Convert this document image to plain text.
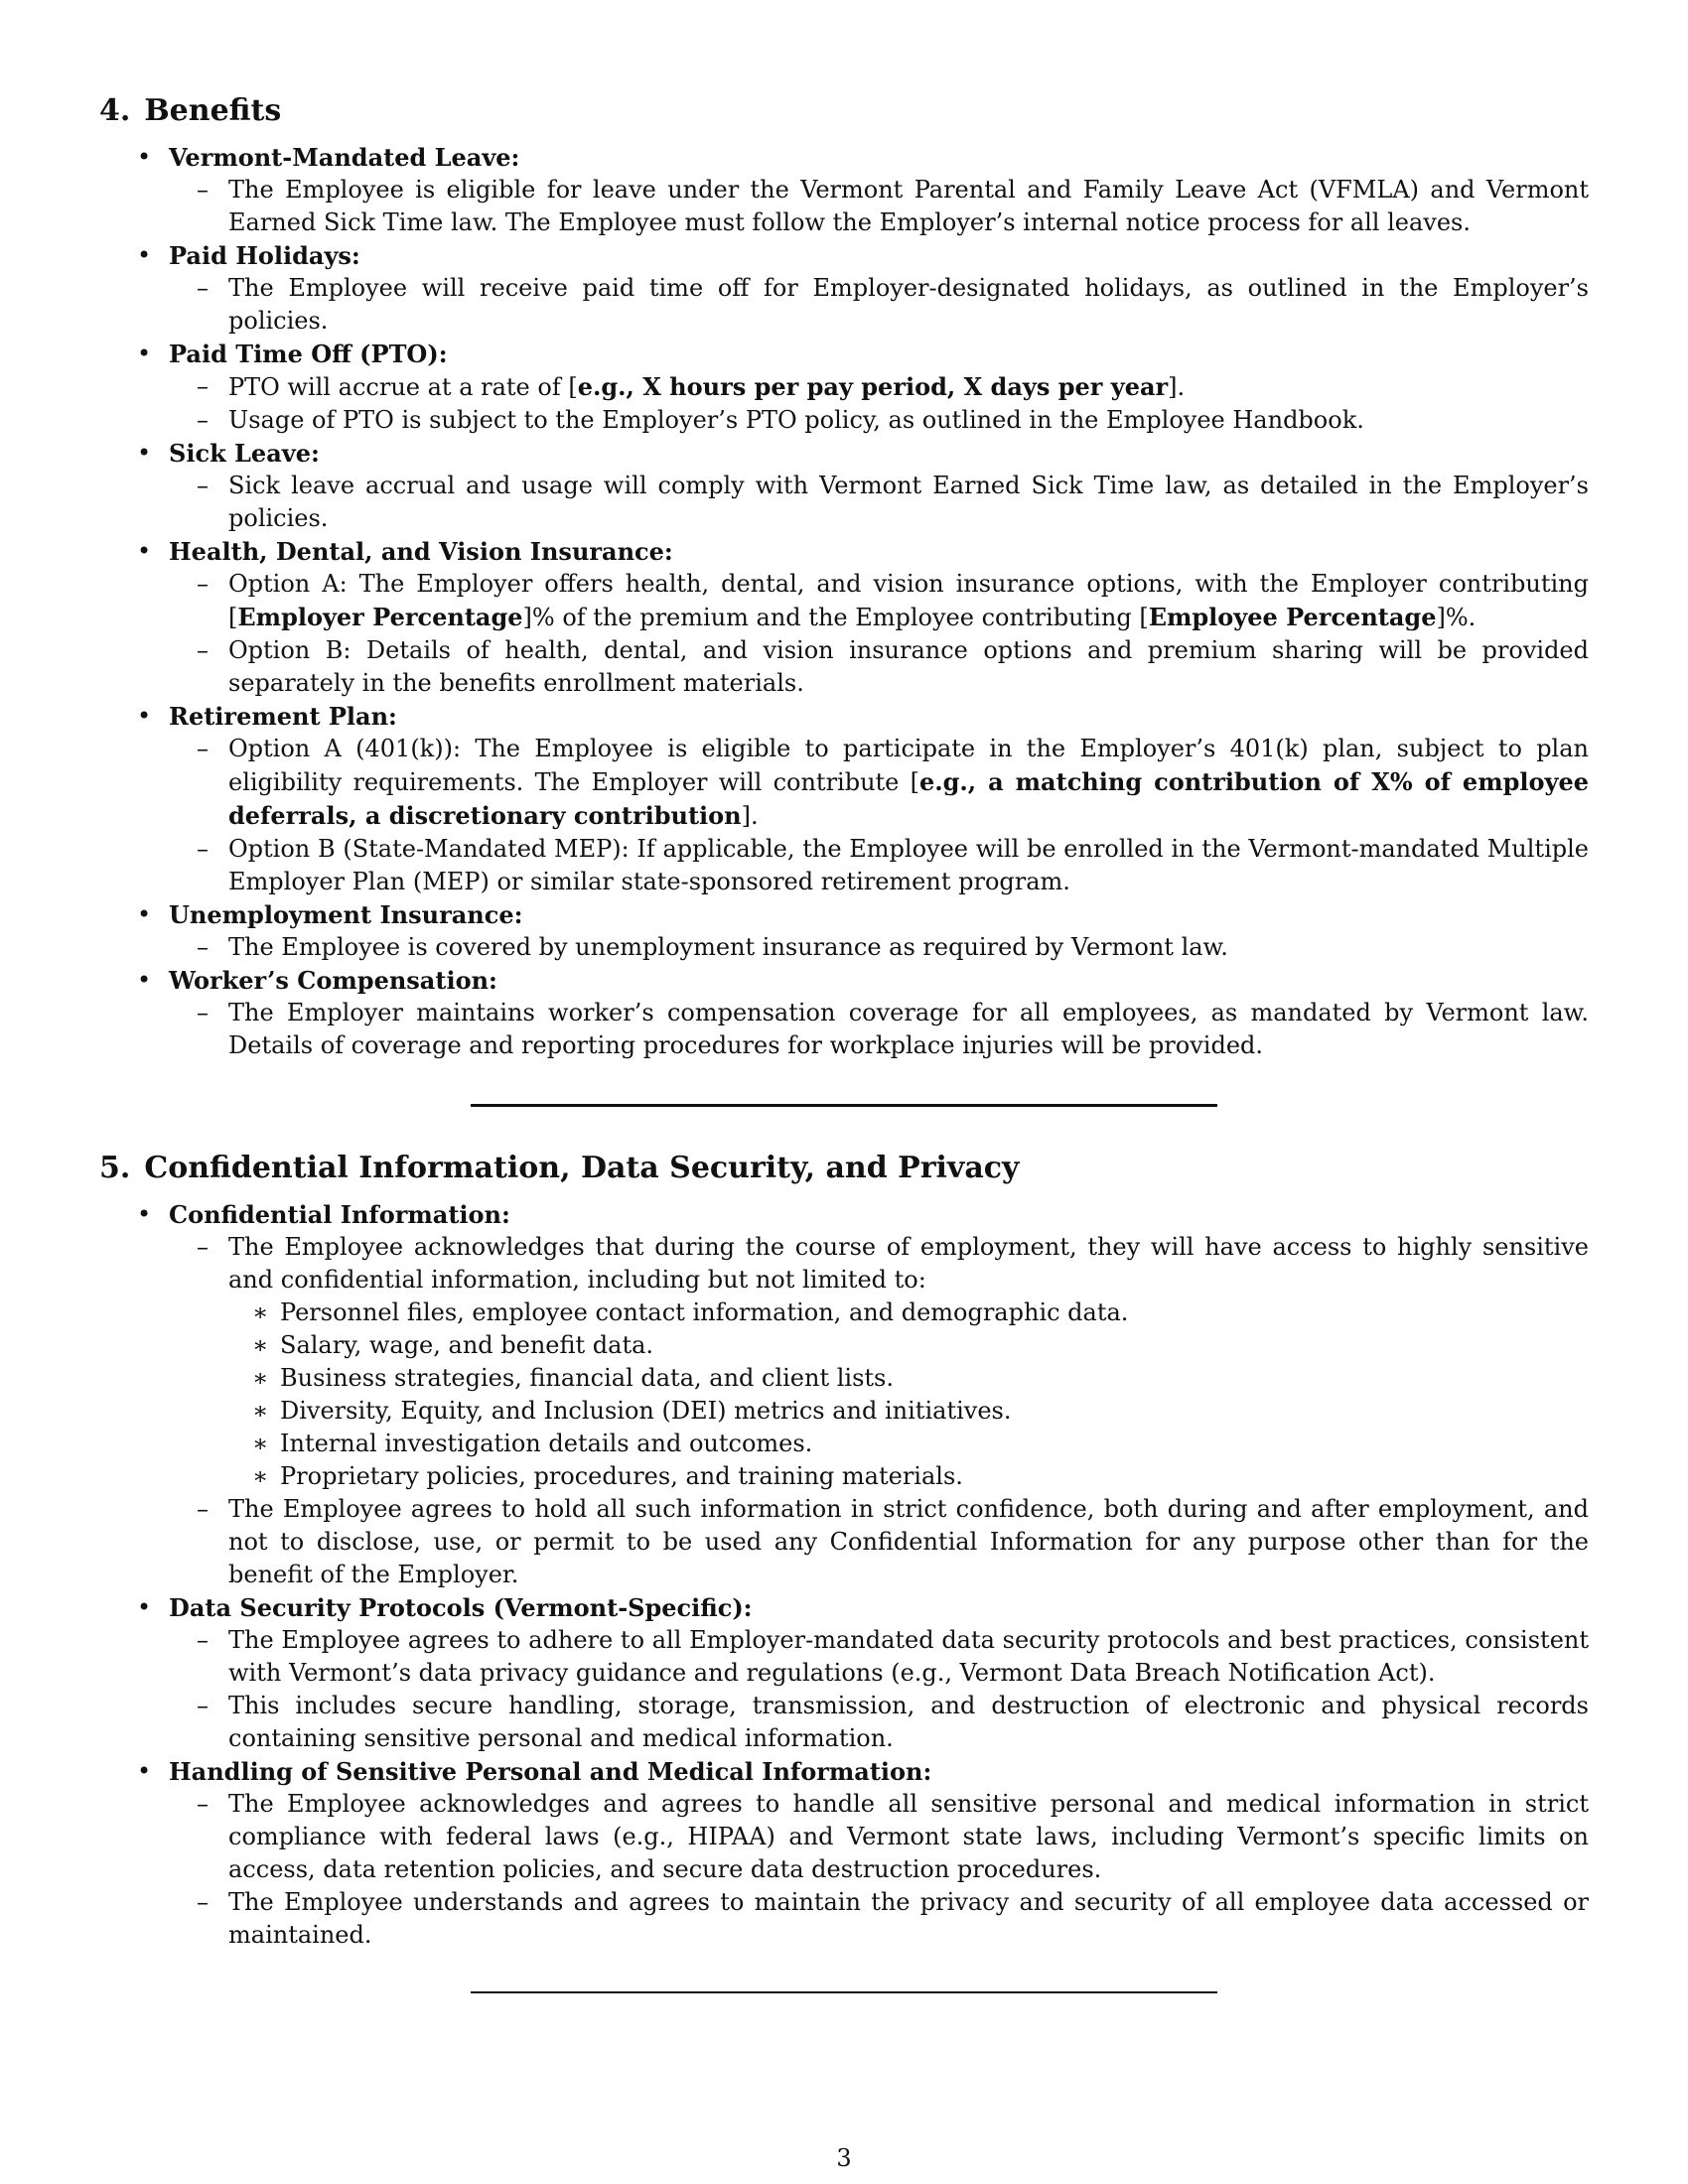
4. Benefits
• Vermont-Mandated Leave:
– The Employee is eligible for leave under the Vermont Parental and Family Leave Act (VFMLA) and Vermont Earned Sick Time law. The Employee must follow the Employer’s internal notice process for all leaves.
• Paid Holidays:
– The Employee will receive paid time off for Employer-designated holidays, as outlined in the Employer’s policies.
• Paid Time Off (PTO):
– PTO will accrue at a rate of [e.g., X hours per pay period, X days per year].
– Usage of PTO is subject to the Employer’s PTO policy, as outlined in the Employee Handbook.
• Sick Leave:
– Sick leave accrual and usage will comply with Vermont Earned Sick Time law, as detailed in the Employer’s policies.
• Health, Dental, and Vision Insurance:
– Option A: The Employer offers health, dental, and vision insurance options, with the Employer contributing [Employer Percentage]% of the premium and the Employee contributing [Employee Percentage]%.
– Option B: Details of health, dental, and vision insurance options and premium sharing will be provided separately in the benefits enrollment materials.
• Retirement Plan:
– Option A (401(k)): The Employee is eligible to participate in the Employer’s 401(k) plan, subject to plan eligibility requirements. The Employer will contribute [e.g., a matching contribution of X% of employee deferrals, a discretionary contribution].
– Option B (State-Mandated MEP): If applicable, the Employee will be enrolled in the Vermont-mandated Multiple Employer Plan (MEP) or similar state-sponsored retirement program.
• Unemployment Insurance:
– The Employee is covered by unemployment insurance as required by Vermont law.
• Worker’s Compensation:
– The Employer maintains worker’s compensation coverage for all employees, as mandated by Vermont law. Details of coverage and reporting procedures for workplace injuries will be provided.
5. Confidential Information, Data Security, and Privacy
• Confidential Information:
– The Employee acknowledges that during the course of employment, they will have access to highly sensitive and confidential information, including but not limited to:
∗ Personnel files, employee contact information, and demographic data.
∗ Salary, wage, and benefit data.
∗ Business strategies, financial data, and client lists.
∗ Diversity, Equity, and Inclusion (DEI) metrics and initiatives.
∗ Internal investigation details and outcomes.
∗ Proprietary policies, procedures, and training materials.
– The Employee agrees to hold all such information in strict confidence, both during and after employment, and not to disclose, use, or permit to be used any Confidential Information for any purpose other than for the benefit of the Employer.
• Data Security Protocols (Vermont-Specific):
– The Employee agrees to adhere to all Employer-mandated data security protocols and best practices, consistent with Vermont’s data privacy guidance and regulations (e.g., Vermont Data Breach Notification Act).
– This includes secure handling, storage, transmission, and destruction of electronic and physical records containing sensitive personal and medical information.
• Handling of Sensitive Personal and Medical Information:
– The Employee acknowledges and agrees to handle all sensitive personal and medical information in strict compliance with federal laws (e.g., HIPAA) and Vermont state laws, including Vermont’s specific limits on access, data retention policies, and secure data destruction procedures.
– The Employee understands and agrees to maintain the privacy and security of all employee data accessed or maintained.
3
